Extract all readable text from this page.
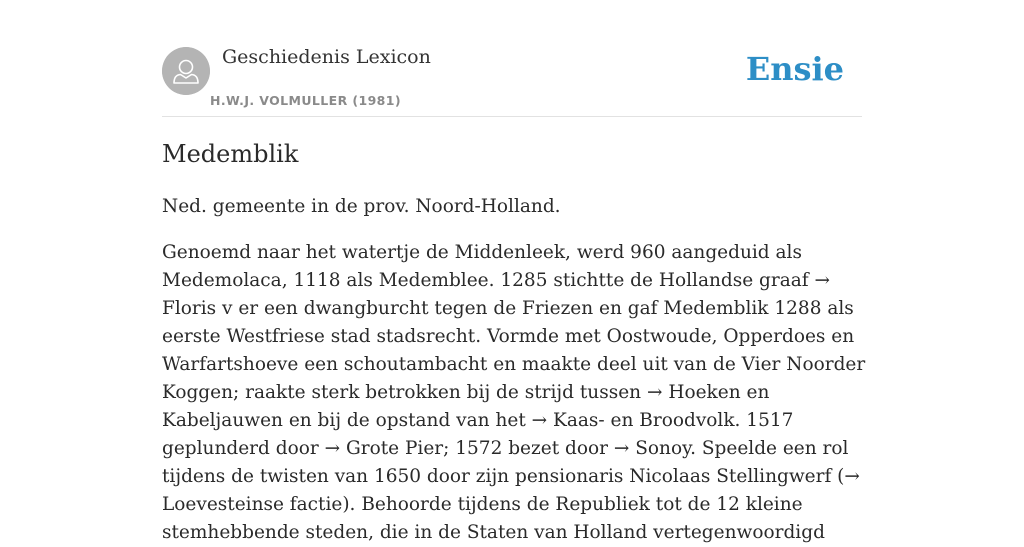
Geschiedenis Lexicon
H.W.J. VOLMULLER (1981)
Ensie
Medemblik

Ned. gemeente in de prov. Noord-Holland.

Genoemd naar het watertje de Middenleek, werd 960 aangeduid als Medemolaca, 1118 als Medemblee. 1285 stichtte de Hollandse graaf → Floris v er een dwangburcht tegen de Friezen en gaf Medemblik 1288 als eerste Westfriese stad stadsrecht. Vormde met Oostwoude, Opperdoes en Warfartshoeve een schoutambacht en maakte deel uit van de Vier Noorder Koggen; raakte sterk betrokken bij de strijd tussen → Hoeken en Kabeljauwen en bij de opstand van het → Kaas- en Broodvolk. 1517 geplunderd door → Grote Pier; 1572 bezet door → Sonoy. Speelde een rol tijdens de twisten van 1650 door zijn pensionaris Nicolaas Stellingwerf (→ Loevesteinse factie). Behoorde tijdens de Republiek tot de 12 kleine stemhebbende steden, die in de Staten van Holland vertegenwoordigd
